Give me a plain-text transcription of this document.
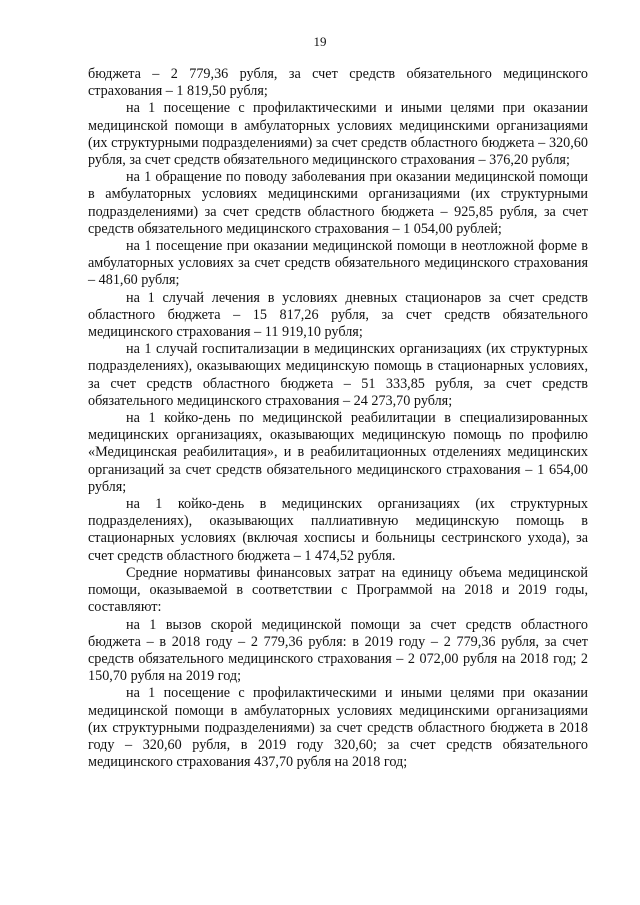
19

бюджета – 2 779,36 рубля, за счет средств обязательного медицинского страхования – 1 819,50 рубля;

на 1 посещение с профилактическими и иными целями при оказании медицинской помощи в амбулаторных условиях медицинскими организациями (их структурными подразделениями) за счет средств областного бюджета – 320,60 рубля, за счет средств обязательного медицинского страхования – 376,20 рубля;

на 1 обращение по поводу заболевания при оказании медицинской помощи в амбулаторных условиях медицинскими организациями (их структурными подразделениями) за счет средств областного бюджета – 925,85 рубля, за счет средств обязательного медицинского страхования – 1 054,00 рублей;

на 1 посещение при оказании медицинской помощи в неотложной форме в амбулаторных условиях за счет средств обязательного медицинского страхования – 481,60 рубля;

на 1 случай лечения в условиях дневных стационаров за счет средств областного бюджета – 15 817,26 рубля, за счет средств обязательного медицинского страхования – 11 919,10 рубля;

на 1 случай госпитализации в медицинских организациях (их структурных подразделениях), оказывающих медицинскую помощь в стационарных условиях, за счет средств областного бюджета – 51 333,85 рубля, за счет средств обязательного медицинского страхования – 24 273,70 рубля;

на 1 койко-день по медицинской реабилитации в специализированных медицинских организациях, оказывающих медицинскую помощь по профилю «Медицинская реабилитация», и в реабилитационных отделениях медицинских организаций за счет средств обязательного медицинского страхования – 1 654,00 рубля;

на 1 койко-день в медицинских организациях (их структурных подразделениях), оказывающих паллиативную медицинскую помощь в стационарных условиях (включая хосписы и больницы сестринского ухода), за счет средств областного бюджета – 1 474,52 рубля.

Средние нормативы финансовых затрат на единицу объема медицинской помощи, оказываемой в соответствии с Программой на 2018 и 2019 годы, составляют:

на 1 вызов скорой медицинской помощи за счет средств областного бюджета – в 2018 году – 2 779,36 рубля: в 2019 году – 2 779,36 рубля, за счет средств обязательного медицинского страхования – 2 072,00 рубля на 2018 год; 2 150,70 рубля на 2019 год;

на 1 посещение с профилактическими и иными целями при оказании медицинской помощи в амбулаторных условиях медицинскими организациями (их структурными подразделениями) за счет средств областного бюджета в 2018 году – 320,60 рубля, в 2019 году 320,60; за счет средств обязательного медицинского страхования 437,70 рубля на 2018 год;
